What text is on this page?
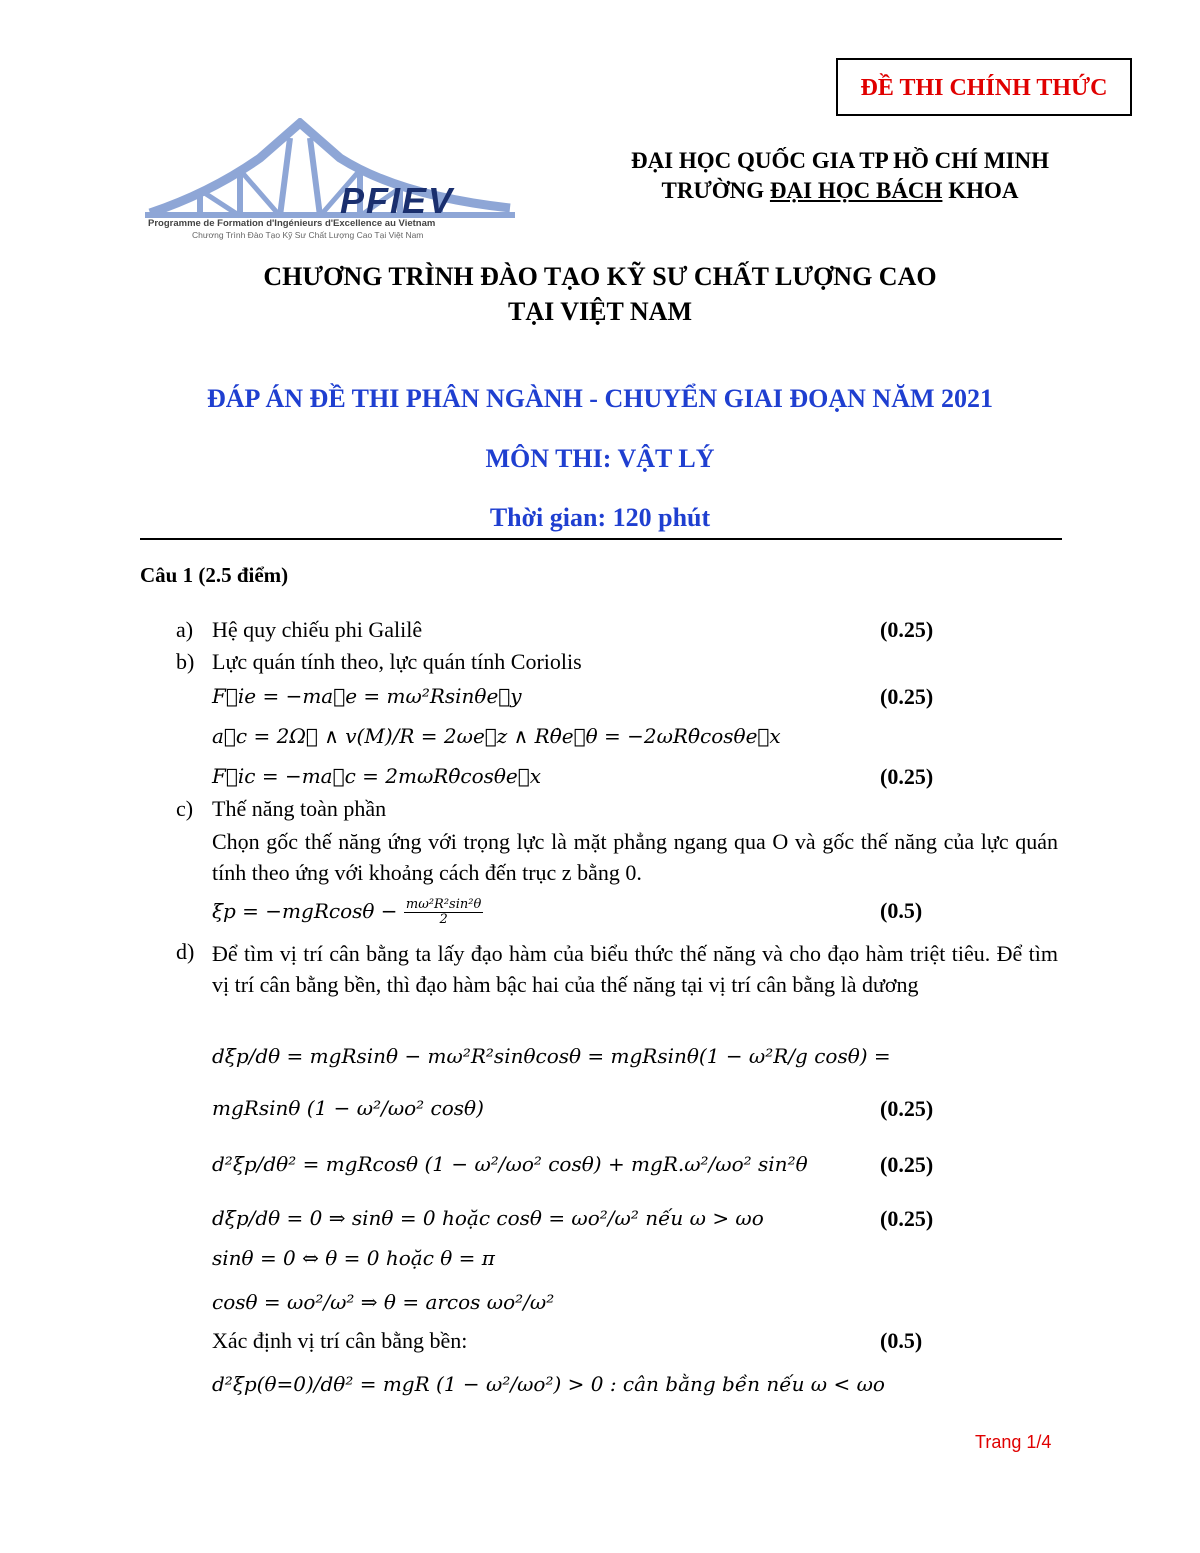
ĐỀ THI CHÍNH THỨC
PFIEV
Programme de Formation d'Ingénieurs d'Excellence au Vietnam
Chương Trình Đào Tạo Kỹ Sư Chất Lượng Cao Tại Việt Nam
ĐẠI HỌC QUỐC GIA TP HỒ CHÍ MINH
TRƯỜNG ĐẠI HỌC BÁCH KHOA
CHƯƠNG TRÌNH ĐÀO TẠO KỸ SƯ CHẤT LƯỢNG CAO
TẠI VIỆT NAM
ĐÁP ÁN ĐỀ THI PHÂN NGÀNH - CHUYỂN GIAI ĐOẠN NĂM 2021
MÔN THI: VẬT LÝ
Thời gian: 120 phút
Câu 1 (2.5 điểm)
a) Hệ quy chiếu phi Galilê	(0.25)
b) Lực quán tính theo, lực quán tính Coriolis
F⃗ie = −ma⃗e = mω²Rsinθe⃗y	(0.25)
a⃗c = 2Ω⃗ ∧ v(M)/R = 2ωe⃗z ∧ Rθ̇e⃗θ = −2ωRθ̇cosθe⃗x
F⃗ic = −ma⃗c = 2mωRθ̇cosθe⃗x	(0.25)
c) Thế năng toàn phần
Chọn gốc thế năng ứng với trọng lực là mặt phẳng ngang qua O và gốc thế năng của lực quán tính theo ứng với khoảng cách đến trục z bằng 0.
$\xi p = -mgRcos\theta - \frac{\text{mω²R²sin²θ}}{2}$	(0.5)
d) Để tìm vị trí cân bằng ta lấy đạo hàm của biểu thức thế năng và cho đạo hàm triệt tiêu. Để tìm vị trí cân bằng bền, thì đạo hàm bậc hai của thế năng tại vị trí cân bằng là dương
dξp/dθ = mgRsinθ − mω²R²sinθcosθ = mgRsinθ(1 − ω²R/g cosθ) =
mgRsinθ (1 − ω²/ωo² cosθ)	(0.25)
d²ξp/dθ² = mgRcosθ (1 − ω²/ωo² cosθ) + mgR.ω²/ωo² sin²θ	(0.25)
dξp/dθ = 0 ⇒ sinθ = 0 hoặc cosθ = ωo²/ω² nếu ω > ωo	(0.25)
sinθ = 0 ⇔ θ = 0 hoặc θ = π
cosθ = ωo²/ω² ⇒ θ = arcos ωo²/ω²
Xác định vị trí cân bằng bền:	(0.5)
d²ξp(θ=0)/dθ² = mgR (1 − ω²/ωo²) > 0 : cân bằng bền nếu ω < ωo
Trang 1/4
